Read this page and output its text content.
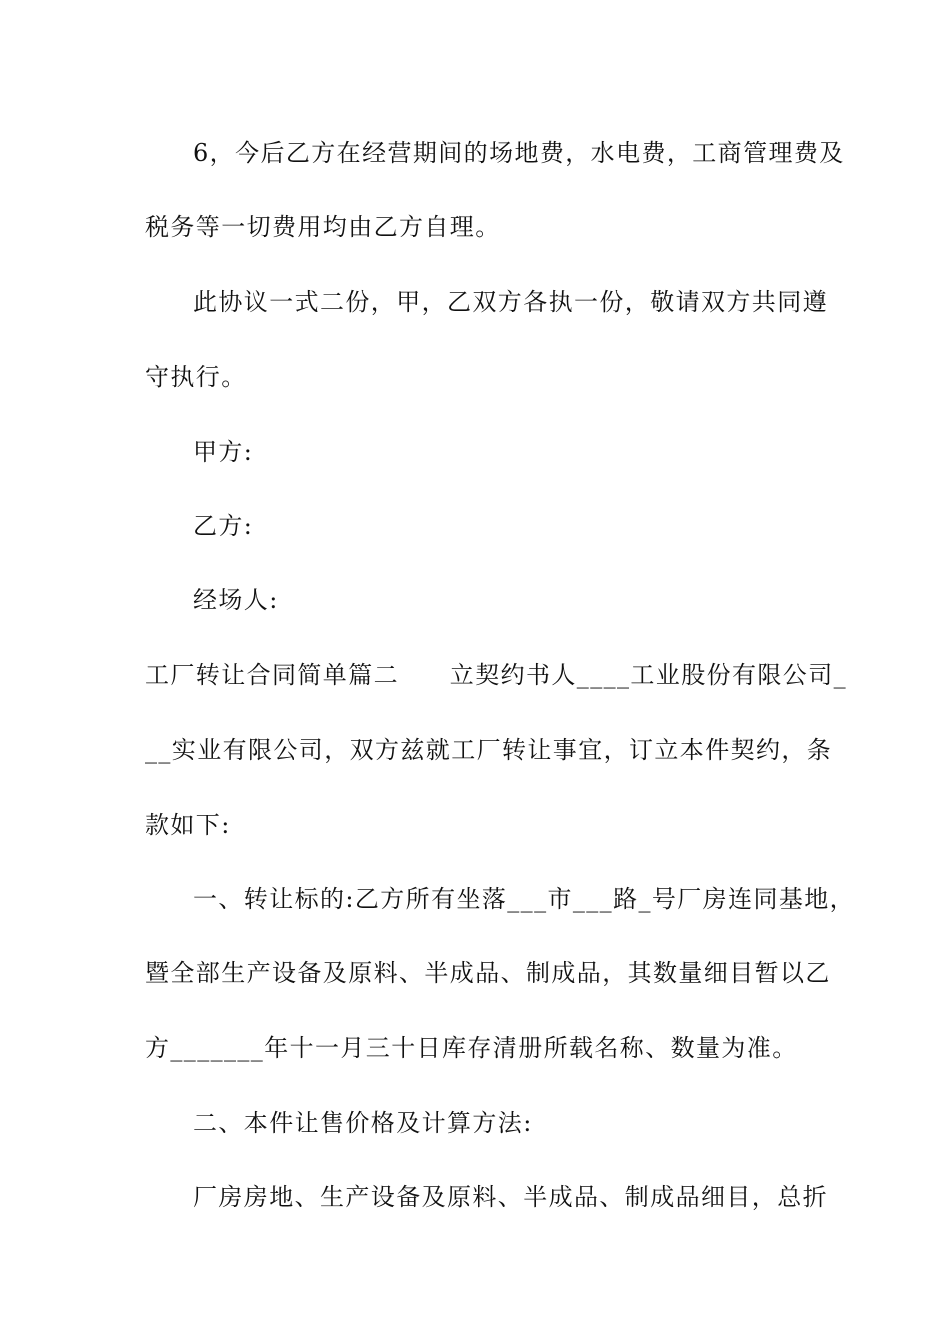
6，今后乙方在经营期间的场地费，水电费，工商管理费及
税务等一切费用均由乙方自理。
此协议一式二份，甲，乙双方各执一份，敬请双方共同遵
守执行。
甲方:
乙方:
经场人:
工厂转让合同简单篇二　　立契约书人____工业股份有限公司_
__实业有限公司，双方兹就工厂转让事宜，订立本件契约，条
款如下:
一、转让标的:乙方所有坐落___市___路_号厂房连同基地，
暨全部生产设备及原料、半成品、制成品，其数量细目暂以乙
方_______年十一月三十日库存清册所载名称、数量为准。
二、本件让售价格及计算方法:
厂房房地、生产设备及原料、半成品、制成品细目，总折
